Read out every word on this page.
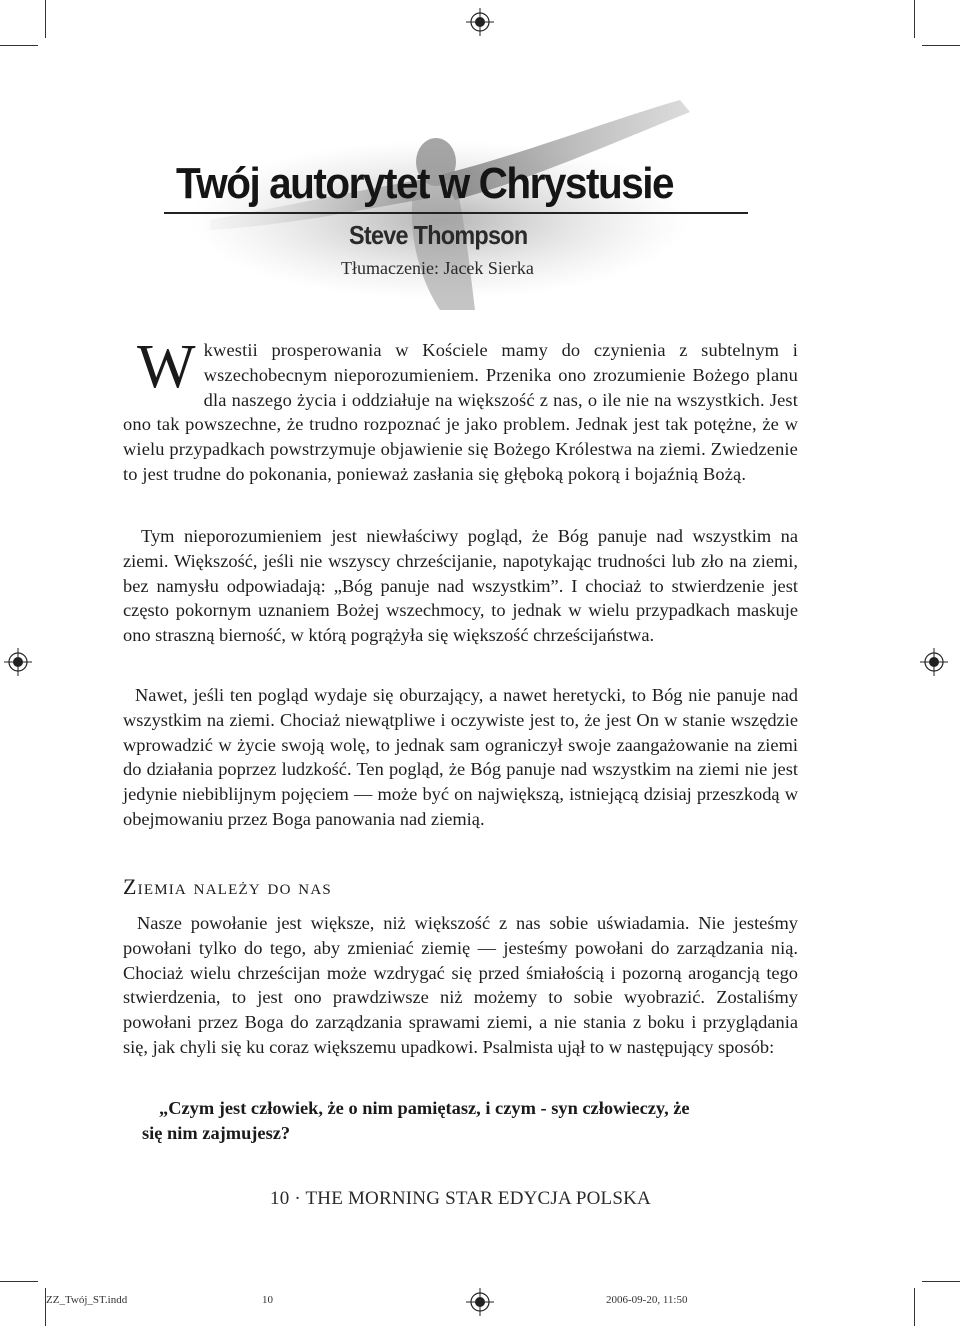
Twój autorytet w Chrystusie
Steve Thompson
Tłumaczenie: Jacek Sierka
Wkwestii prosperowania w Kościele mamy do czynienia z subtelnym i wszechobecnym nieporozumieniem. Przenika ono zrozumienie Bożego planu dla naszego życia i oddziałuje na większość z nas, o ile nie na wszystkich. Jest ono tak powszechne, że trudno rozpoznać je jako problem. Jednak jest tak potężne, że w wielu przypadkach powstrzymuje objawienie się Bożego Królestwa na ziemi. Zwiedzenie to jest trudne do pokonania, ponieważ zasłania się głęboką pokorą i bojaźnią Bożą.

Tym nieporozumieniem jest niewłaściwy pogląd, że Bóg panuje nad wszystkim na ziemi. Większość, jeśli nie wszyscy chrześcijanie, napotykając trudności lub zło na ziemi, bez namysłu odpowiadają: „Bóg panuje nad wszystkim”. I chociaż to stwierdzenie jest często pokornym uznaniem Bożej wszechmocy, to jednak w wielu przypadkach maskuje ono straszną bierność, w którą pogrążyła się większość chrześcijaństwa.

Nawet, jeśli ten pogląd wydaje się oburzający, a nawet heretycki, to Bóg nie panuje nad wszystkim na ziemi. Chociaż niewątpliwe i oczywiste jest to, że jest On w stanie wszędzie wprowadzić w życie swoją wolę, to jednak sam ograniczył swoje zaangażowanie na ziemi do działania poprzez ludzkość. Ten pogląd, że Bóg panuje nad wszystkim na ziemi nie jest jedynie niebiblijnym pojęciem — może być on największą, istniejącą dzisiaj przeszkodą w obejmowaniu przez Boga panowania nad ziemią.

Ziemia należy do nas

Nasze powołanie jest większe, niż większość z nas sobie uświadamia. Nie jesteśmy powołani tylko do tego, aby zmieniać ziemię — jesteśmy powołani do zarządzania nią. Chociaż wielu chrześcijan może wzdrygać się przed śmiałością i pozorną arogancją tego stwierdzenia, to jest ono prawdziwsze niż możemy to sobie wyobrazić. Zostaliśmy powołani przez Boga do zarządzania sprawami ziemi, a nie stania z boku i przyglądania się, jak chyli się ku coraz większemu upadkowi. Psalmista ujął to w następujący sposób:

„Czym jest człowiek, że o nim pamiętasz, i czym - syn człowieczy, że
się nim zajmujesz?
10 · THE MORNING STAR EDYCJA POLSKA
ZZ_Twój_ST.indd	10	2006-09-20, 11:50
